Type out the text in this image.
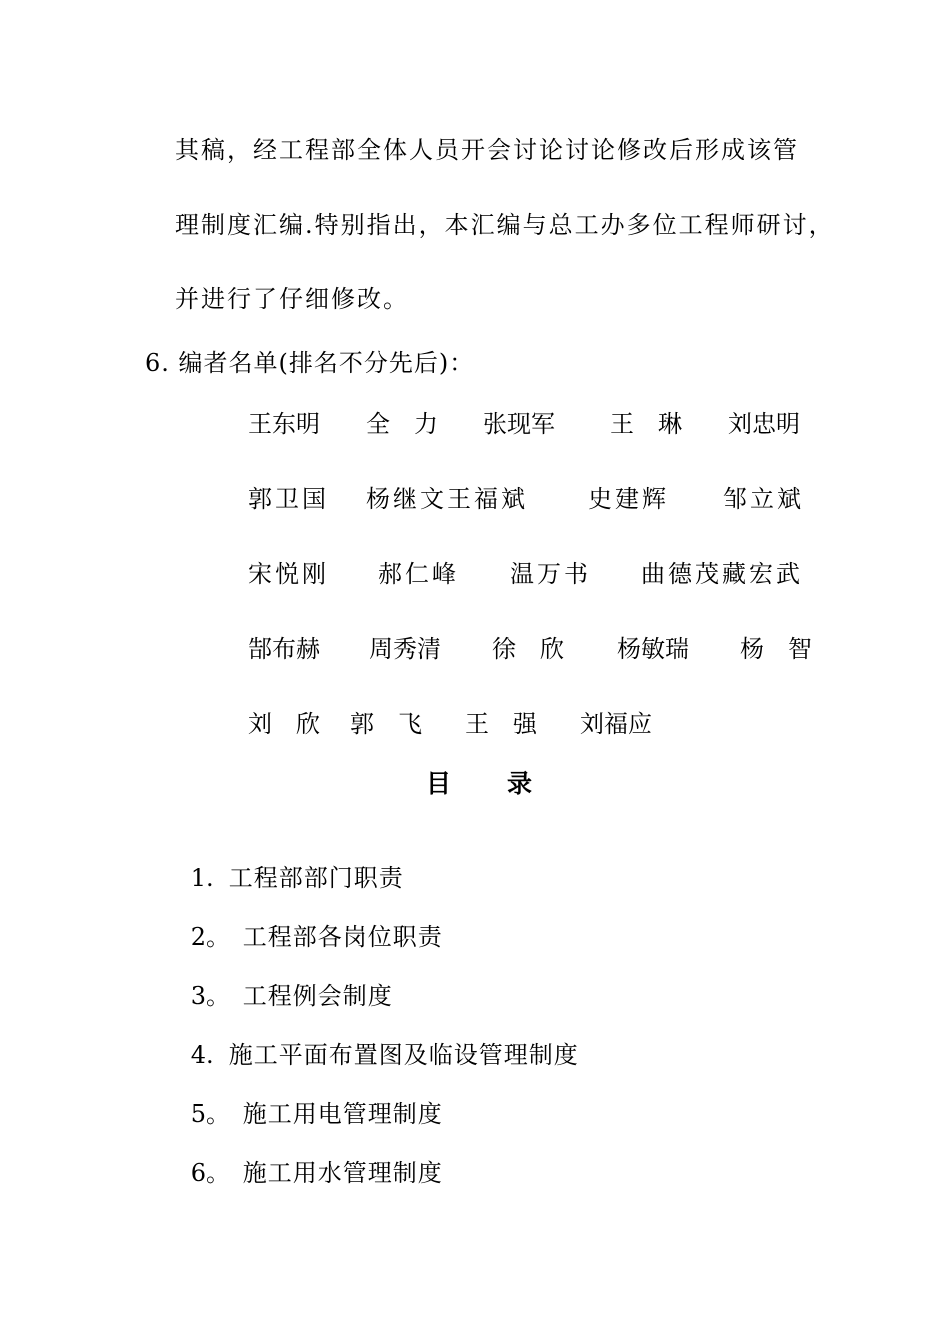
其稿，经工程部全体人员开会讨论讨论修改后形成该管
理制度汇编.特别指出，本汇编与总工办多位工程师研讨，
并进行了仔细修改。
6. 编者名单(排名不分先后)：
王东明 全　力 张现军 王　琳 刘忠明
郭卫国 杨继文王福斌	史建辉 邹立斌
宋悦刚 郝仁峰 温万书 曲德茂藏宏武
郜布赫 周秀清 徐　欣 杨敏瑞 杨　智
刘　欣 郭　飞 王　强 刘福应
目　　录

1. 工程部部门职责

2。 工程部各岗位职责

3。 工程例会制度

4. 施工平面布置图及临设管理制度

5。 施工用电管理制度

6。 施工用水管理制度
